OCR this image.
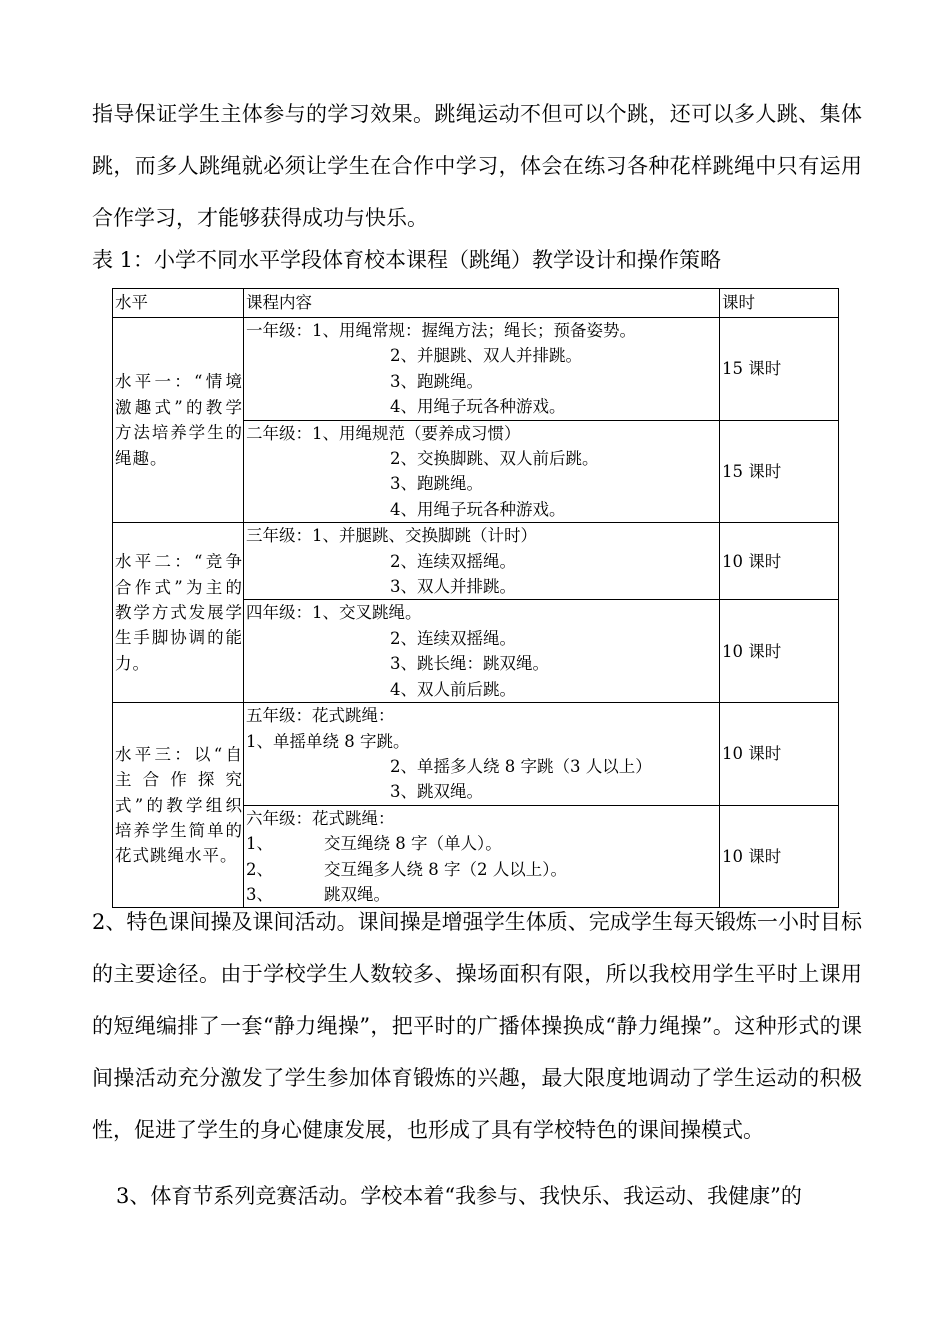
指导保证学生主体参与的学习效果。跳绳运动不但可以个跳，还可以多人跳、集体跳，而多人跳绳就必须让学生在合作中学习，体会在练习各种花样跳绳中只有运用合作学习，才能够获得成功与快乐。

表 1：小学不同水平学段体育校本课程（跳绳）教学设计和操作策略

水平	课程内容	课时
水平一：“情境激趣式”的教学方法培养学生的绳趣。	一年级：1、用绳常规：握绳方法；绳长；预备姿势。
2、并腿跳、双人并排跳。
3、跑跳绳。
4、用绳子玩各种游戏。	15 课时

	二年级：1、用绳规范（要养成习惯）
2、交换脚跳、双人前后跳。
3、跑跳绳。
4、用绳子玩各种游戏。	15 课时
水平二：“竞争合作式”为主的教学方式发展学生手脚协调的能力。	三年级：1、并腿跳、交换脚跳（计时）
2、连续双摇绳。
3、双人并排跳。	10 课时

	四年级：1、交叉跳绳。
2、连续双摇绳。
3、跳长绳：跳双绳。
4、双人前后跳。	10 课时
水平三：以“自主合作探究式”的教学组织培养学生简单的花式跳绳水平。	五年级：花式跳绳：
1、单摇单绕 8 字跳。
2、单摇多人绕 8 字跳（3 人以上）
3、跳双绳。	10 课时

	六年级：花式跳绳：
1、 交互绳绕 8 字（单人）。
2、 交互绳多人绕 8 字（2 人以上）。
3、 跳双绳。	10 课时

2、特色课间操及课间活动。课间操是增强学生体质、完成学生每天锻炼一小时目标的主要途径。由于学校学生人数较多、操场面积有限，所以我校用学生平时上课用的短绳编排了一套“静力绳操”，把平时的广播体操换成“静力绳操”。这种形式的课间操活动充分激发了学生参加体育锻炼的兴趣，最大限度地调动了学生运动的积极性，促进了学生的身心健康发展，也形成了具有学校特色的课间操模式。

3、体育节系列竞赛活动。学校本着“我参与、我快乐、我运动、我健康”的
